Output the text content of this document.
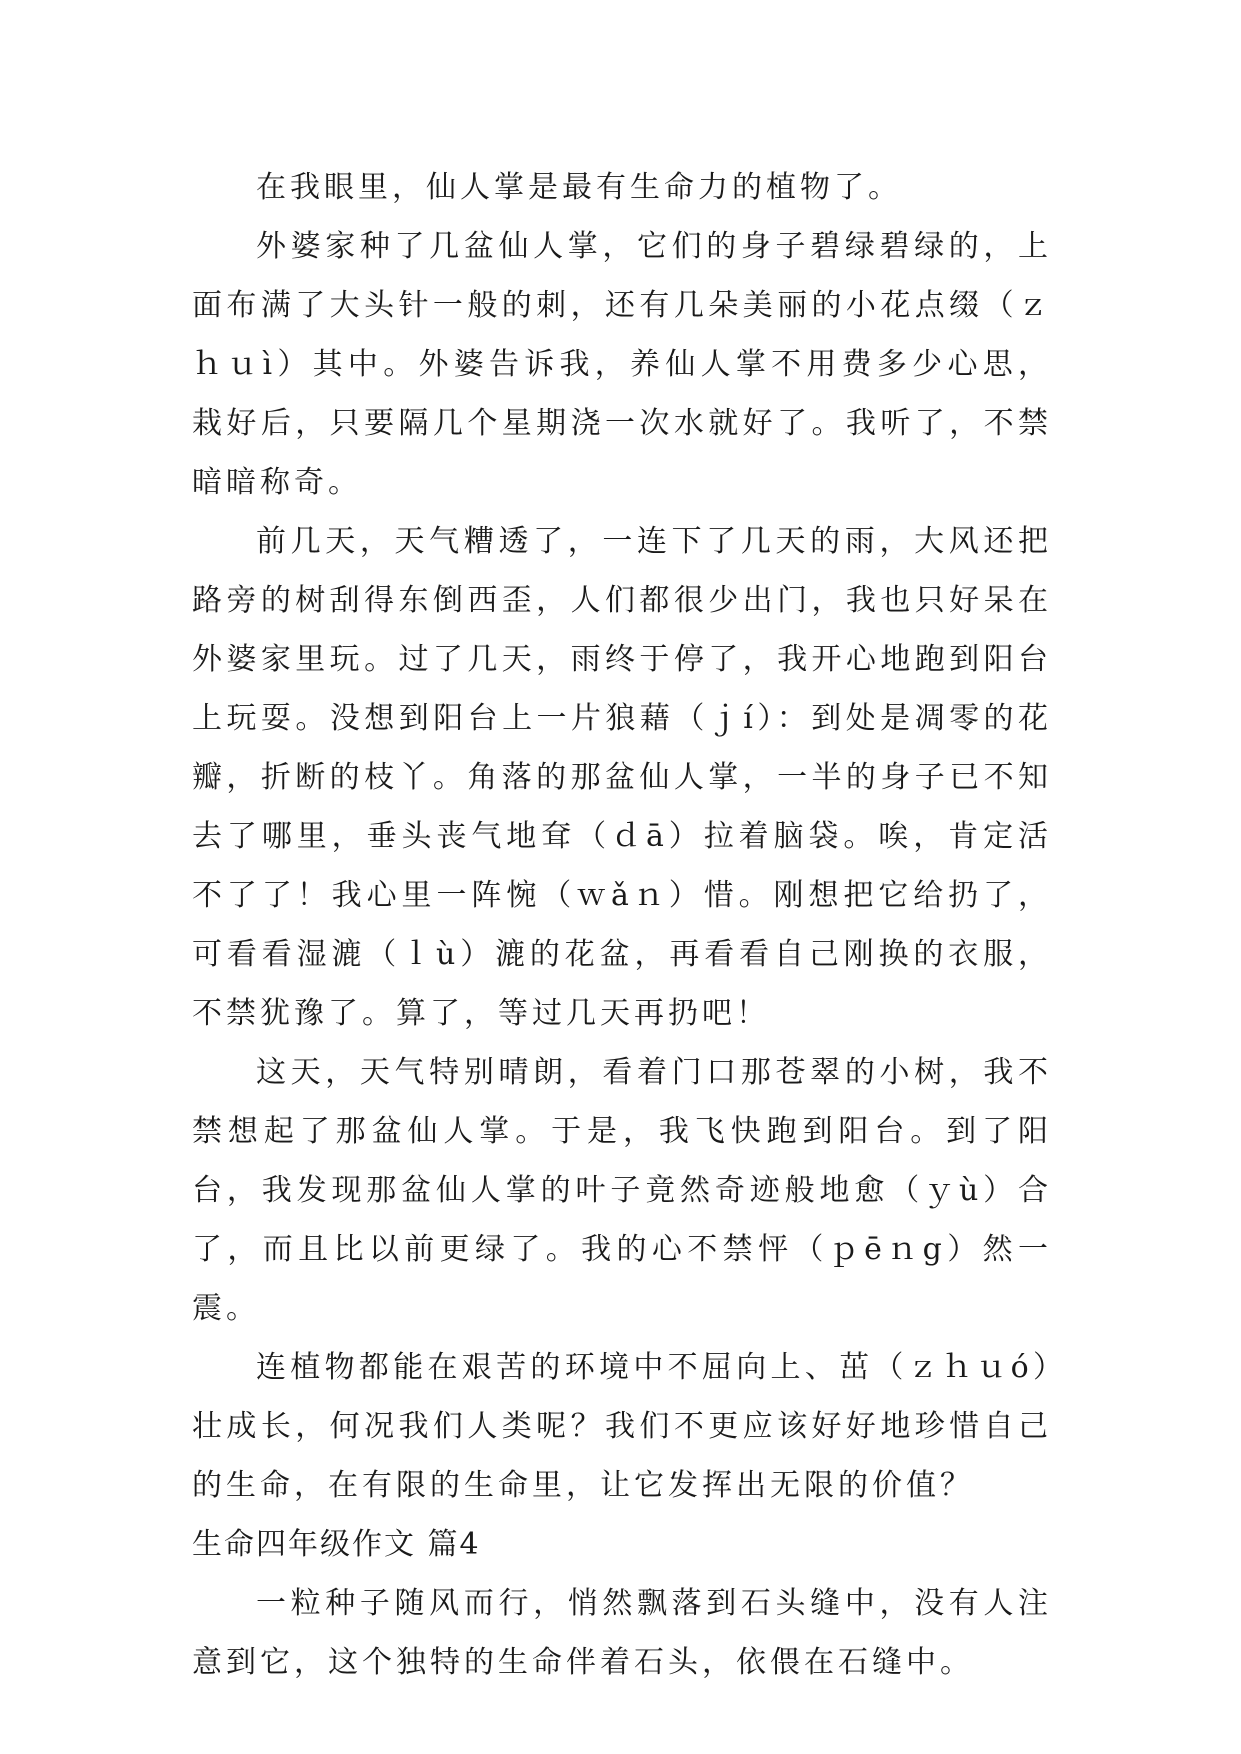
在我眼里，仙人掌是最有生命力的植物了。

外婆家种了几盆仙人掌，它们的身子碧绿碧绿的，上面布满了大头针一般的刺，还有几朵美丽的小花点缀（ｚｈｕì）其中。外婆告诉我，养仙人掌不用费多少心思，栽好后，只要隔几个星期浇一次水就好了。我听了，不禁暗暗称奇。

前几天，天气糟透了，一连下了几天的雨，大风还把路旁的树刮得东倒西歪，人们都很少出门，我也只好呆在外婆家里玩。过了几天，雨终于停了，我开心地跑到阳台上玩耍。没想到阳台上一片狼藉（ｊí）：到处是凋零的花瓣，折断的枝丫。角落的那盆仙人掌，一半的身子已不知去了哪里，垂头丧气地耷（ｄā）拉着脑袋。唉，肯定活不了了！我心里一阵惋（ｗǎｎ）惜。刚想把它给扔了，可看看湿漉（ｌù）漉的花盆，再看看自己刚换的衣服，不禁犹豫了。算了，等过几天再扔吧！

这天，天气特别晴朗，看着门口那苍翠的小树，我不禁想起了那盆仙人掌。于是，我飞快跑到阳台。到了阳台，我发现那盆仙人掌的叶子竟然奇迹般地愈（ｙù）合了，而且比以前更绿了。我的心不禁怦（ｐēｎg）然一震。

连植物都能在艰苦的环境中不屈向上、茁（ｚｈｕó）壮成长，何况我们人类呢？我们不更应该好好地珍惜自己的生命，在有限的生命里，让它发挥出无限的价值？

生命四年级作文 篇4

一粒种子随风而行，悄然飘落到石头缝中，没有人注意到它，这个独特的生命伴着石头，依偎在石缝中。
